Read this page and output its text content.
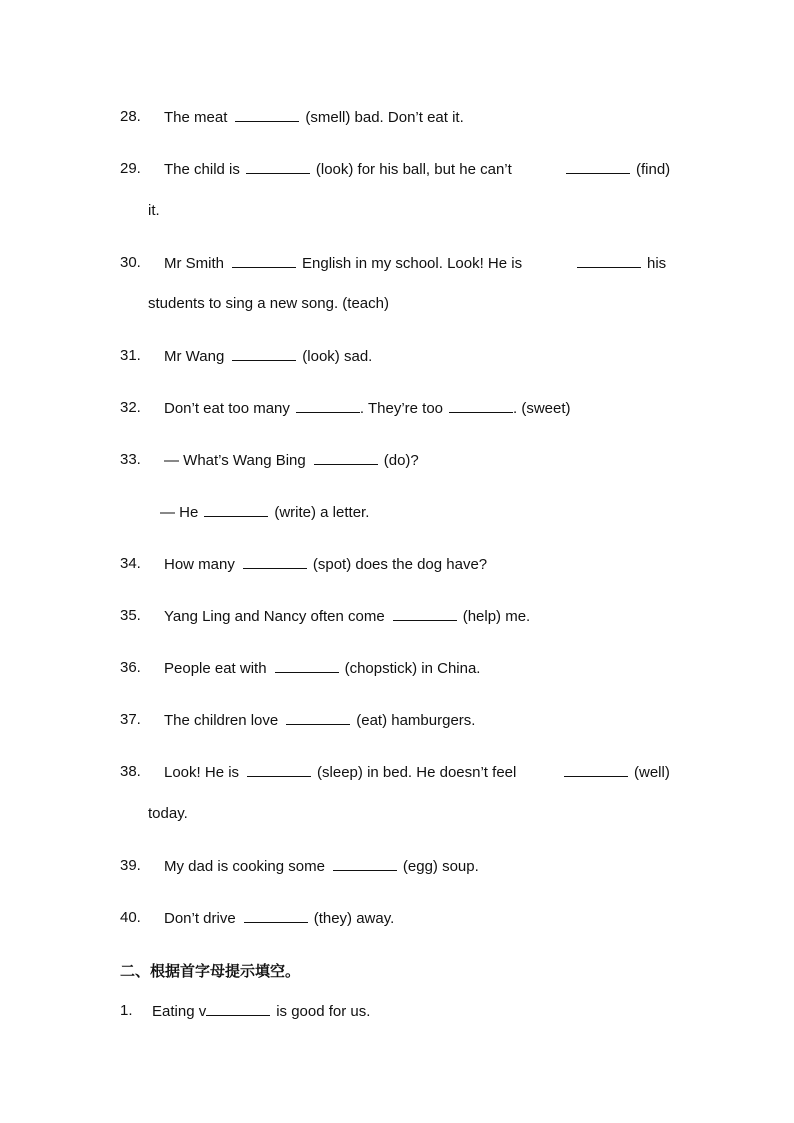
28. The meat	(smell) bad. Don’t eat it.
29. The child is	(look) for his ball, but he can’t	(find)
it.
30. Mr Smith	English in my school. Look! He is	his
students to sing a new song. (teach)
31. Mr Wang	(look) sad.
32. Don’t eat too many	. They’re too	. (sweet)
33. — What’s Wang Bing	(do)?
— He	(write) a letter.
34. How many	(spot) does the dog have?
35. Yang Ling and Nancy often come	(help) me.
36. People eat with	(chopstick) in China.
37. The children love	(eat) hamburgers.
38. Look! He is	(sleep) in bed. He doesn’t feel	(well)
today.
39. My dad is cooking some	(egg) soup.
40. Don’t drive	(they) away.
二、根据首字母提示填空。
1. Eating v	is good for us.
